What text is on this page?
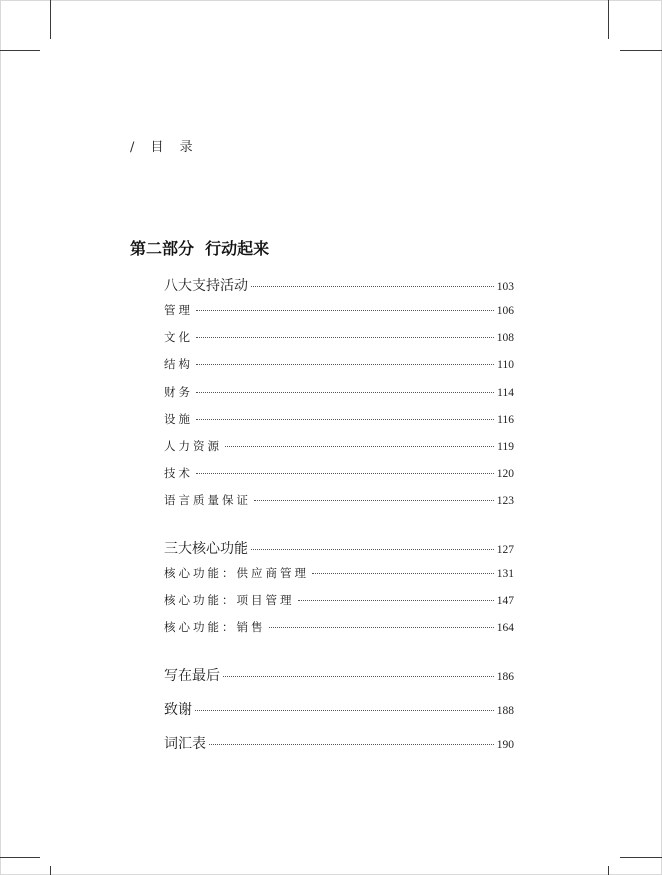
/ 目 录
第二部分  行动起来
八大支持活动	103
管理	106
文化	108
结构	110
财务	114
设施	116
人力资源	119
技术	120
语言质量保证	123
三大核心功能	127
核心功能：供应商管理	131
核心功能：项目管理	147
核心功能：销售	164
写在最后	186
致谢	188
词汇表	190
